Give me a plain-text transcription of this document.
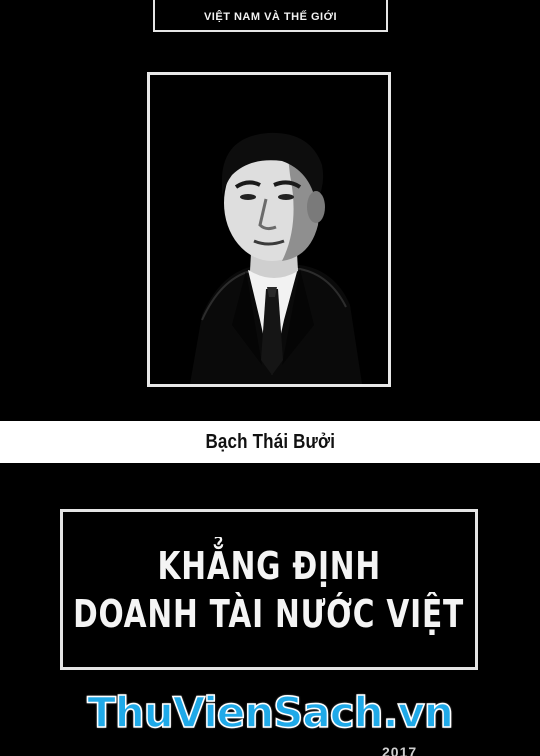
VIỆT NAM VÀ THẾ GIỚI
Bạch Thái Bưởi
KHẲNG ĐỊNH
DOANH TÀI NƯỚC VIỆT
ThuVienSach.vn
2017
